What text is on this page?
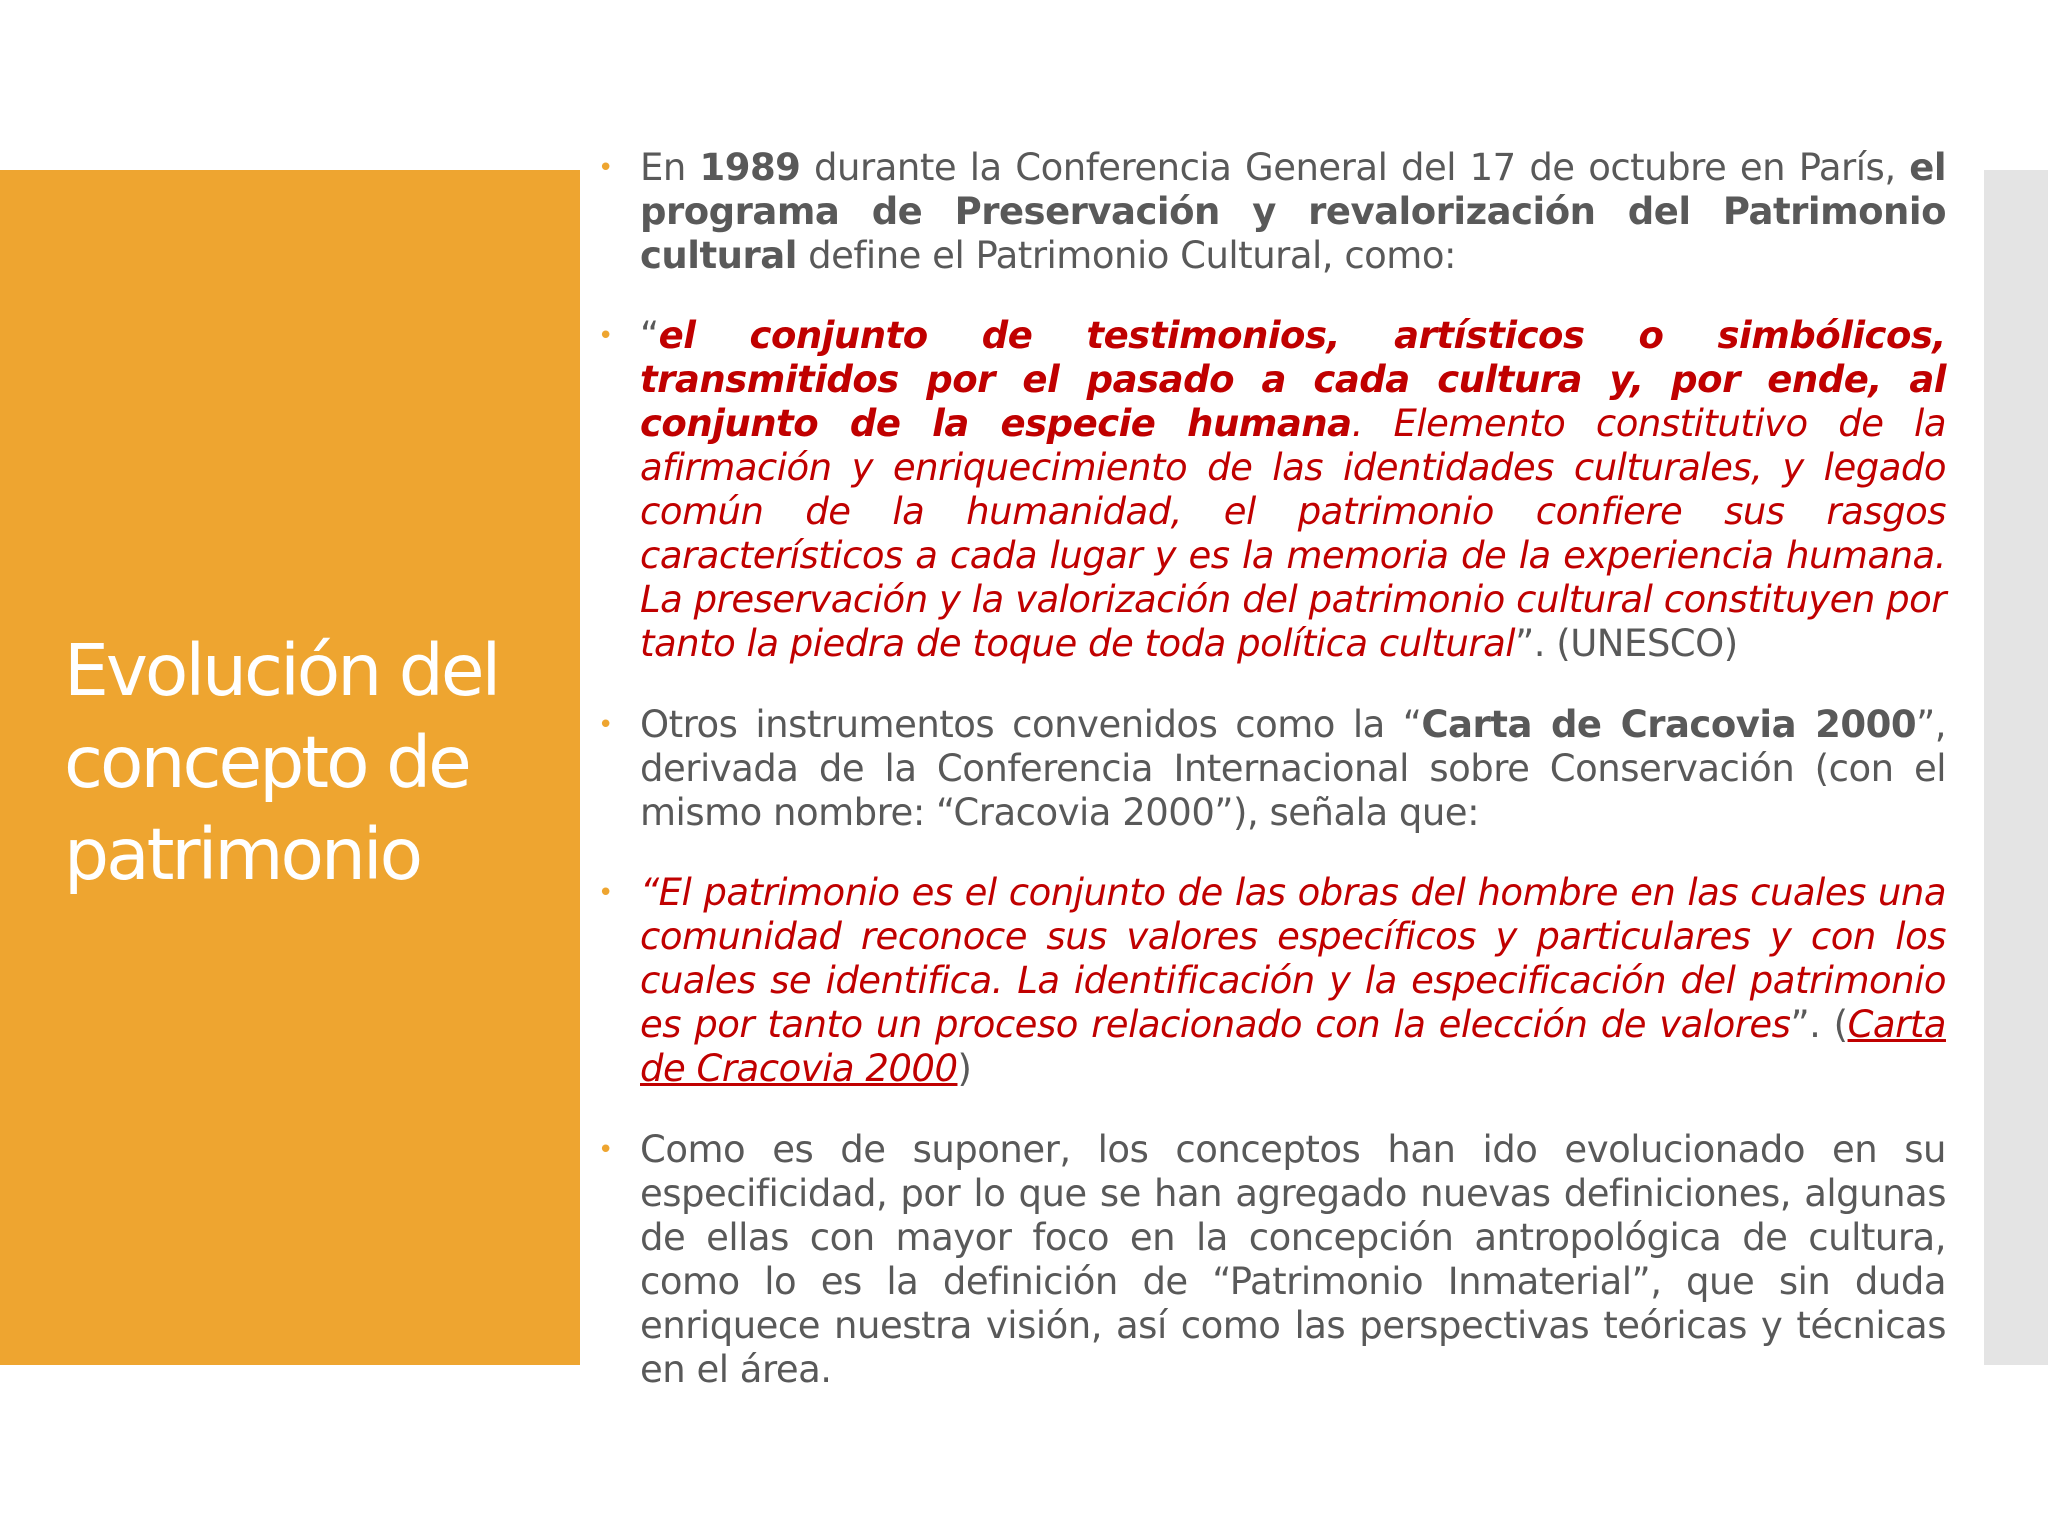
Evolución del concepto de patrimonio
• En 1989 durante la Conferencia General del 17 de octubre en París, el programa de Preservación y revalorización del Patrimonio cultural define el Patrimonio Cultural, como:
• “el conjunto de testimonios, artísticos o simbólicos, transmitidos por el pasado a cada cultura y, por ende, al conjunto de la especie humana. Elemento constitutivo de la afirmación y enriquecimiento de las identidades culturales, y legado común de la humanidad, el patrimonio confiere sus rasgos característicos a cada lugar y es la memoria de la experiencia humana. La preservación y la valorización del patrimonio cultural constituyen por tanto la piedra de toque de toda política cultural”. (UNESCO)
• Otros instrumentos convenidos como la “Carta de Cracovia 2000”, derivada de la Conferencia Internacional sobre Conservación (con el mismo nombre: “Cracovia 2000”), señala que:
• “El patrimonio es el conjunto de las obras del hombre en las cuales una comunidad reconoce sus valores específicos y particulares y con los cuales se identifica. La identificación y la especificación del patrimonio es por tanto un proceso relacionado con la elección de valores”. (Carta de Cracovia 2000)
• Como es de suponer, los conceptos han ido evolucionado en su especificidad, por lo que se han agregado nuevas definiciones, algunas de ellas con mayor foco en la concepción antropológica de cultura, como lo es la definición de “Patrimonio Inmaterial”, que sin duda enriquece nuestra visión, así como las perspectivas teóricas y técnicas en el área.
